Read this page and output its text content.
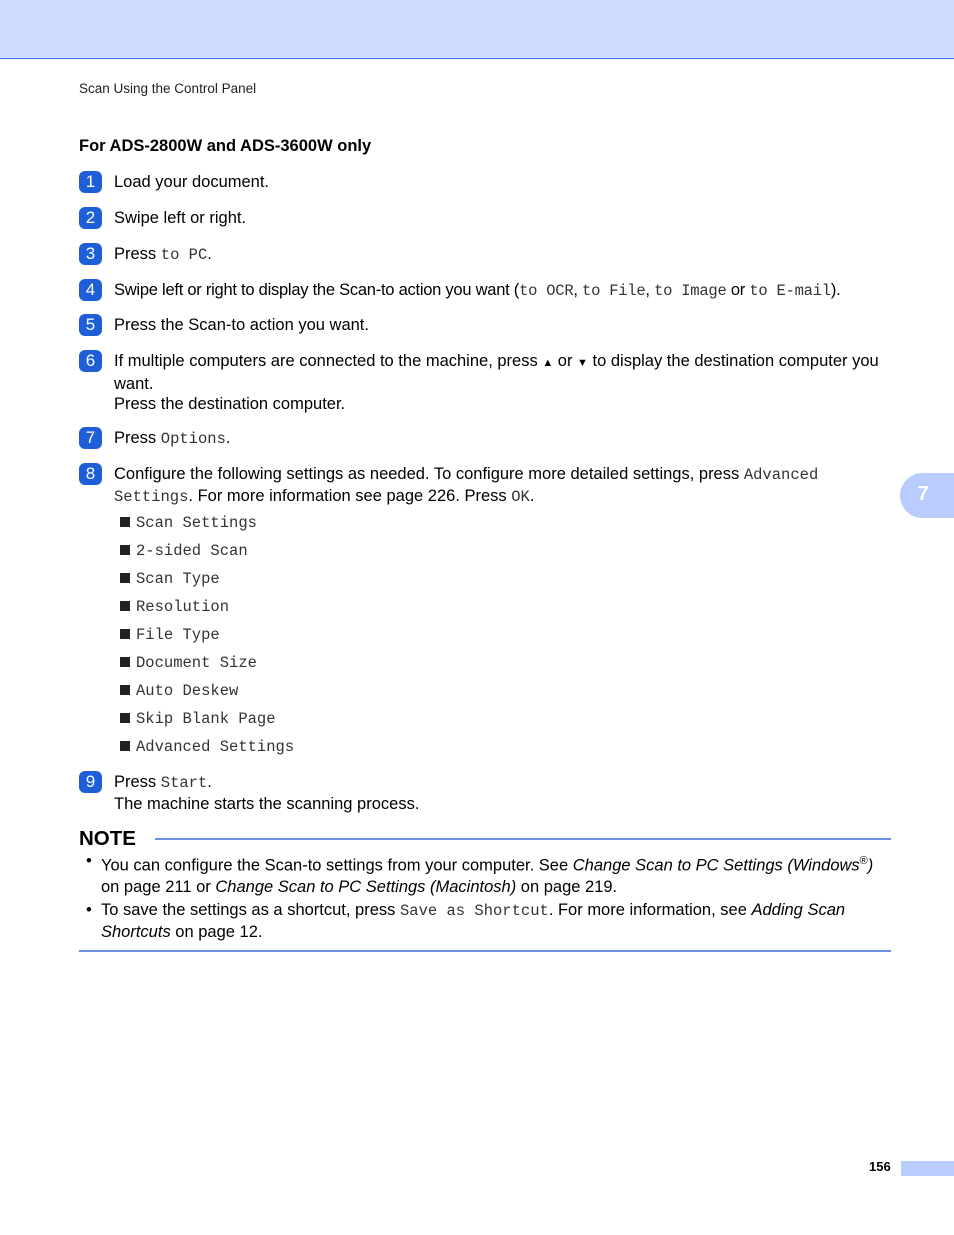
Scan Using the Control Panel
For ADS-2800W and ADS-3600W only
1	Load your document.
2	Swipe left or right.
3	Press to PC.
4	Swipe left or right to display the Scan-to action you want (to OCR, to File, to Image or to E-mail).
5	Press the Scan-to action you want.
6	If multiple computers are connected to the machine, press ▲ or ▼ to display the destination computer you want.
Press the destination computer.
7	Press Options.
8	Configure the following settings as needed. To configure more detailed settings, press Advanced Settings. For more information see page 226. Press OK.
Scan Settings
2-sided Scan
Scan Type
Resolution
File Type
Document Size
Auto Deskew
Skip Blank Page
Advanced Settings
9	Press Start.
The machine starts the scanning process.
7
NOTE
• You can configure the Scan-to settings from your computer. See Change Scan to PC Settings (Windows®) on page 211 or Change Scan to PC Settings (Macintosh) on page 219.
• To save the settings as a shortcut, press Save as Shortcut. For more information, see Adding Scan Shortcuts on page 12.
156
